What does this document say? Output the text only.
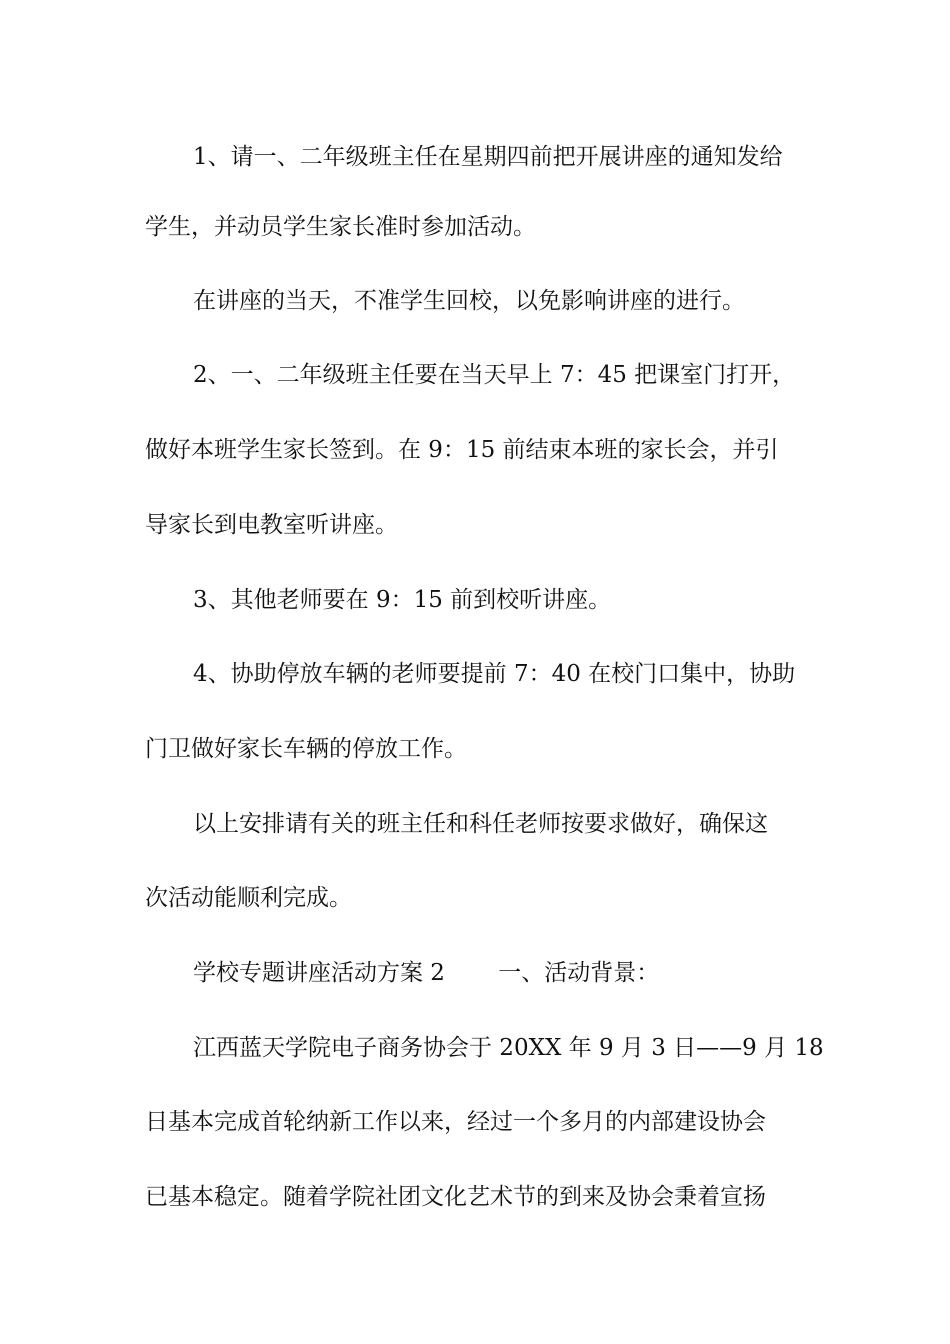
1、请一、二年级班主任在星期四前把开展讲座的通知发给
学生，并动员学生家长准时参加活动。
在讲座的当天，不准学生回校，以免影响讲座的进行。
2、一、二年级班主任要在当天早上 7：45 把课室门打开，
做好本班学生家长签到。在 9：15 前结束本班的家长会，并引
导家长到电教室听讲座。
3、其他老师要在 9：15 前到校听讲座。
4、协助停放车辆的老师要提前 7：40 在校门口集中，协助
门卫做好家长车辆的停放工作。
以上安排请有关的班主任和科任老师按要求做好，确保这
次活动能顺利完成。
学校专题讲座活动方案 2　　 一、活动背景：
江西蓝天学院电子商务协会于 20XX 年 9 月 3 日——9 月 18
日基本完成首轮纳新工作以来，经过一个多月的内部建设协会
已基本稳定。随着学院社团文化艺术节的到来及协会秉着宣扬
